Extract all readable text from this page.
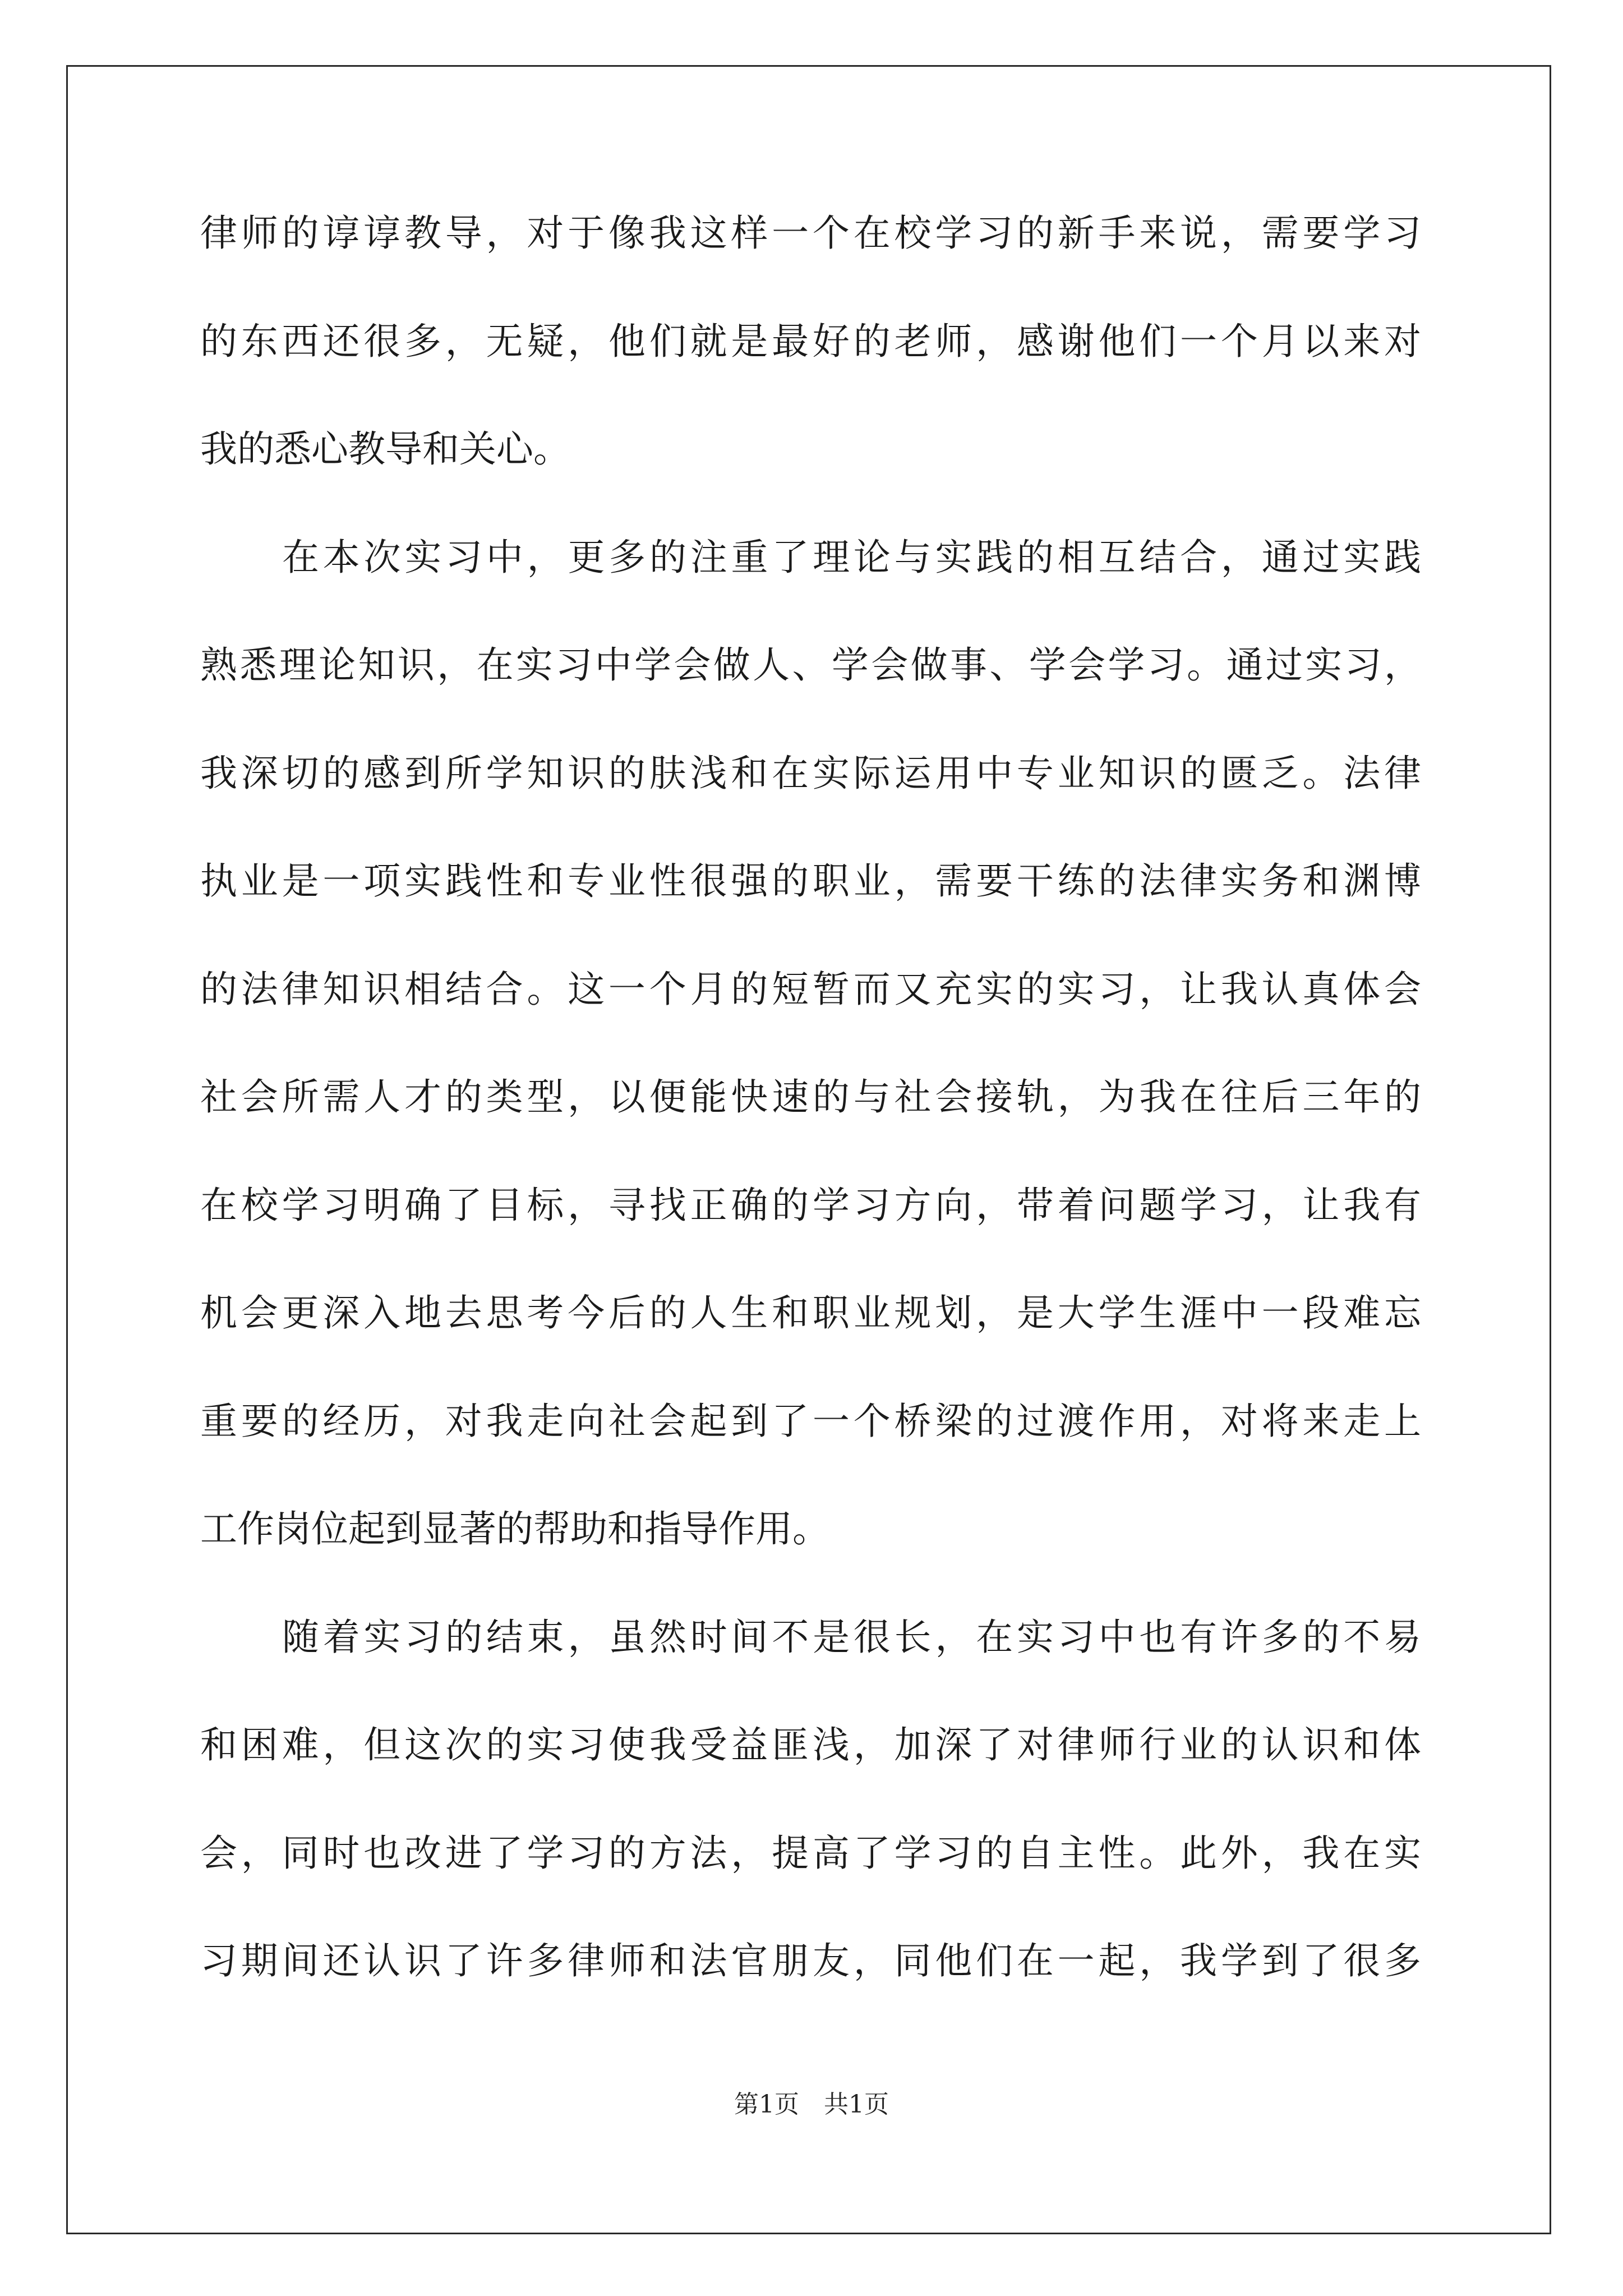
律师的谆谆教导，对于像我这样一个在校学习的新手来说，需要学习
的东西还很多，无疑，他们就是最好的老师，感谢他们一个月以来对
我的悉心教导和关心。
在本次实习中，更多的注重了理论与实践的相互结合，通过实践
熟悉理论知识，在实习中学会做人、学会做事、学会学习。通过实习，
我深切的感到所学知识的肤浅和在实际运用中专业知识的匮乏。法律
执业是一项实践性和专业性很强的职业，需要干练的法律实务和渊博
的法律知识相结合。这一个月的短暂而又充实的实习，让我认真体会
社会所需人才的类型，以便能快速的与社会接轨，为我在往后三年的
在校学习明确了目标，寻找正确的学习方向，带着问题学习，让我有
机会更深入地去思考今后的人生和职业规划，是大学生涯中一段难忘
重要的经历，对我走向社会起到了一个桥梁的过渡作用，对将来走上
工作岗位起到显著的帮助和指导作用。
随着实习的结束，虽然时间不是很长，在实习中也有许多的不易
和困难，但这次的实习使我受益匪浅，加深了对律师行业的认识和体
会，同时也改进了学习的方法，提高了学习的自主性。此外，我在实
习期间还认识了许多律师和法官朋友，同他们在一起，我学到了很多
第1页　共1页
